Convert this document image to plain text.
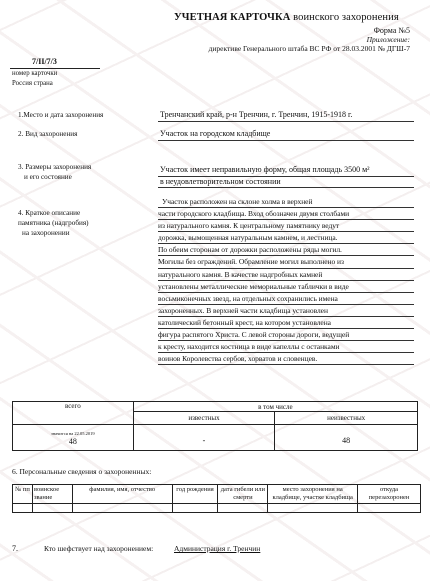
УЧЕТНАЯ КАРТОЧКА воинского захоронения
Форма №5
Приложение:
директиве Генерального штаба ВС РФ от 28.03.2001 № ДГШ-7
7/II/7/3
номер карточки
Россия страна
1.Место и дата захоронения	Тренчанский край, р-н Тренчин, г. Тренчин, 1915-1918 г.
2. Вид захоронения	Участок на городском кладбище
3. Размеры захоронения
и его состояние
Участок имеет неправильную форму, общая площадь 3500 м²
в неудовлетворительном состоянии
4. Краткое описание
памятника (надгробия)
на захоронении
Участок расположен на склоне холма в верхней
части городского кладбища. Вход обозначен двумя столбами
из натурального камня. К центральному памятнику ведут
дорожка, вымощенная натуральным камнем, и лестница.
По обеим сторонам от дорожки расположены ряды могил.
Могилы без ограждений. Обрамление могил выполнено из
натурального камня. В качестве надгробных камней
установлены металлические мемориальные таблички в виде
восьмиконечных звезд, на отдельных сохранились имена
захороненных. В верхней части кладбища установлен
католический бетонный крест, на котором установлена
фигура распятого Христа. С левой стороны дороги, ведущей
к кресту, находится костница в виде капеллы с останками
воинов Королевства сербов, хорватов и словенцев.
всего	в том числе	
	известных	неизвестных

значится на 22.05.2019
48	-	48
6. Персональные сведения о захороненных:
№ пп	воинское звание	фамилия, имя, отчество	год рождения	дата гибели или смерти	место захоронения на кладбище, участке кладбища	откуда перезахоронен

7.	Кто шефствует над захоронением:	Администрация г. Тренчин
